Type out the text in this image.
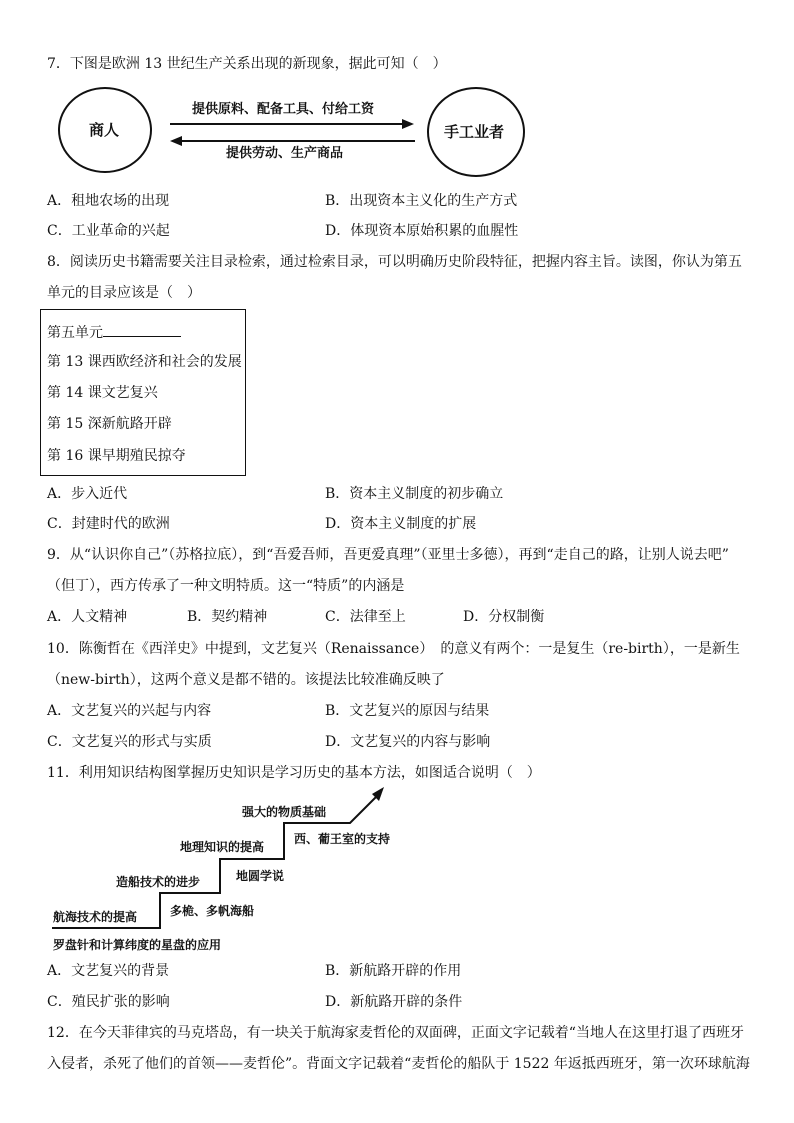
7．下图是欧洲 13 世纪生产关系出现的新现象，据此可知（　）
商人	手工业者
提供原料、配备工具、付给工资
提供劳动、生产商品
A．租地农场的出现	B．出现资本主义化的生产方式
C．工业革命的兴起	D．体现资本原始积累的血腥性
8．阅读历史书籍需要关注目录检索，通过检索目录，可以明确历史阶段特征，把握内容主旨。读图，你认为第五
单元的目录应该是（　）
第五单元
第 13 课西欧经济和社会的发展
第 14 课文艺复兴
第 15 深新航路开辟
第 16 课早期殖民掠夺
A．步入近代	B．资本主义制度的初步确立
C．封建时代的欧洲	D．资本主义制度的扩展
9．从“认识你自己”（苏格拉底），到“吾爱吾师，吾更爱真理”（亚里士多德），再到“走自己的路，让别人说去吧”
（但丁），西方传承了一种文明特质。这一“特质”的内涵是
A．人文精神	B．契约精神	C．法律至上	D．分权制衡
10．陈衡哲在《西洋史》中提到，文艺复兴（Renaissance）　的意义有两个：一是复生（re-birth），一是新生
（new-birth），这两个意义是都不错的。该提法比较准确反映了
A．文艺复兴的兴起与内容	B．文艺复兴的原因与结果
C．文艺复兴的形式与实质	D．文艺复兴的内容与影响
11．利用知识结构图掌握历史知识是学习历史的基本方法，如图适合说明（　）
航海技术的提高
罗盘针和计算纬度的星盘的应用
造船技术的进步
多桅、多帆海船
地理知识的提高
地圆学说
强大的物质基础
西、葡王室的支持
A．文艺复兴的背景	B．新航路开辟的作用
C．殖民扩张的影响	D．新航路开辟的条件
12．在今天菲律宾的马克塔岛，有一块关于航海家麦哲伦的双面碑，正面文字记载着“当地人在这里打退了西班牙
入侵者，杀死了他们的首领——麦哲伦”。背面文字记载着“麦哲伦的船队于 1522 年返抵西班牙，第一次环球航海
